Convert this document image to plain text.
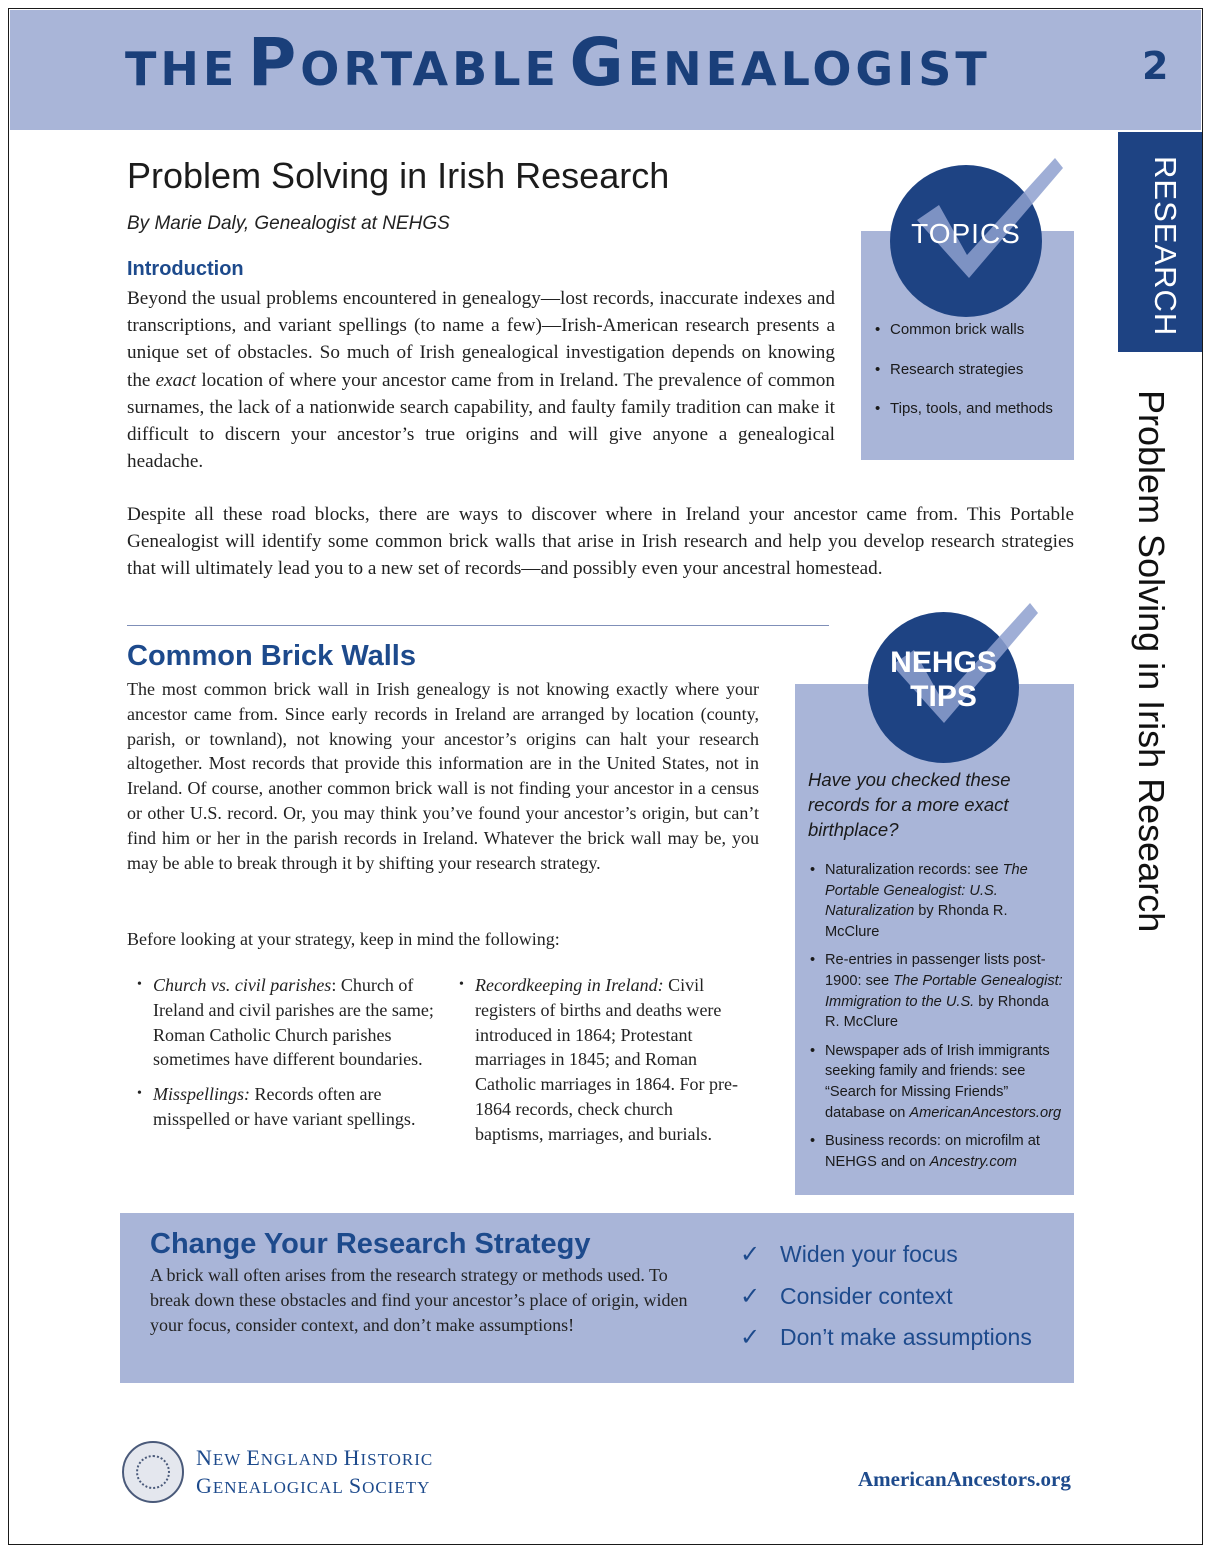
THE PORTABLE GENEALOGIST	2
RESEARCH
Problem Solving in Irish Research
Problem Solving in Irish Research
By Marie Daly, Genealogist at NEHGS
Introduction

Beyond the usual problems encountered in genealogy—lost records, inaccurate indexes and transcriptions, and variant spellings (to name a few)—Irish-American research presents a unique set of obstacles. So much of Irish genealogical investigation depends on knowing the exact location of where your ancestor came from in Ireland. The prevalence of common surnames, the lack of a nationwide search capability, and faulty family tradition can make it difficult to discern your ancestor’s true origins and will give anyone a genealogical headache.

Despite all these road blocks, there are ways to discover where in Ireland your ancestor came from. This Portable Genealogist will identify some common brick walls that arise in Irish research and help you develop research strategies that will ultimately lead you to a new set of records—and possibly even your ancestral homestead.

Common Brick Walls

The most common brick wall in Irish genealogy is not knowing exactly where your ancestor came from. Since early records in Ireland are arranged by location (county, parish, or townland), not knowing your ancestor’s origins can halt your research altogether. Most records that provide this information are in the United States, not in Ireland. Of course, another common brick wall is not finding your ancestor in a census or other U.S. record. Or, you may think you’ve found your ancestor’s origin, but can’t find him or her in the parish records in Ireland. Whatever the brick wall may be, you may be able to break through it by shifting your research strategy.

Before looking at your strategy, keep in mind the following:

• Church vs. civil parishes: Church of Ireland and civil parishes are the same; Roman Catholic Church parishes sometimes have different boundaries.
• Misspellings: Records often are misspelled or have variant spellings.
• Recordkeeping in Ireland: Civil registers of births and deaths were introduced in 1864; Protestant marriages in 1845; and Roman Catholic marriages in 1864. For pre-1864 records, check church baptisms, marriages, and burials.
TOPICS
• Common brick walls
• Research strategies
• Tips, tools, and methods
NEHGS
TIPS
Have you checked these records for a more exact birthplace?
• Naturalization records: see The Portable Genealogist: U.S. Naturalization by Rhonda R. McClure
• Re-entries in passenger lists post-1900: see The Portable Genealogist: Immigration to the U.S. by Rhonda R. McClure
• Newspaper ads of Irish immigrants seeking family and friends: see “Search for Missing Friends” database on AmericanAncestors.org
• Business records: on microfilm at NEHGS and on Ancestry.com
Change Your Research Strategy

A brick wall often arises from the research strategy or methods used. To break down these obstacles and find your ancestor’s place of origin, widen your focus, consider context, and don’t make assumptions!

✓ Widen your focus
✓ Consider context
✓ Don’t make assumptions
NEW ENGLAND HISTORIC
GENEALOGICAL SOCIETY	AmericanAncestors.org
